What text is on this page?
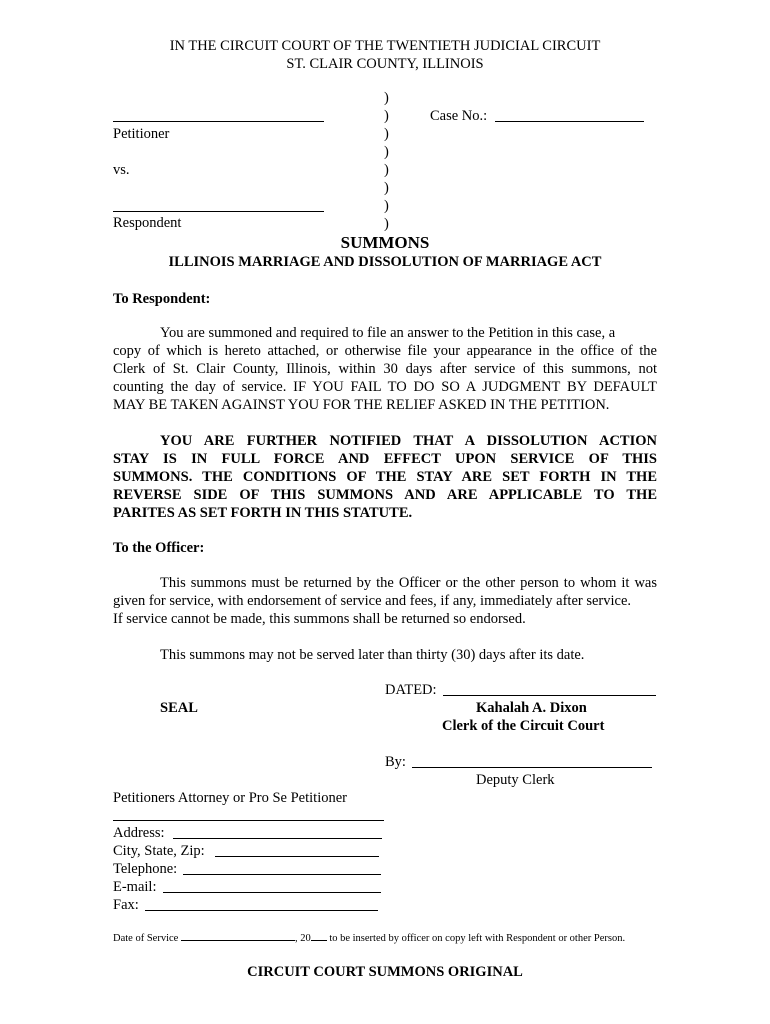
IN THE CIRCUIT COURT OF THE TWENTIETH JUDICIAL CIRCUIT
ST. CLAIR COUNTY, ILLINOIS
Petitioner
vs.
Respondent
)
)
)
)
)
)
)
)
Case No.:
SUMMONS
ILLINOIS MARRIAGE AND DISSOLUTION OF MARRIAGE ACT
To Respondent:
You are summoned and required to file an answer to the Petition in this case, a
copy of which is hereto attached, or otherwise file your appearance in the office of the
Clerk of St. Clair County, Illinois, within 30 days after service of this summons, not
counting the day of service. IF YOU FAIL TO DO SO A JUDGMENT BY DEFAULT
MAY BE TAKEN AGAINST YOU FOR THE RELIEF ASKED IN THE PETITION.
YOU ARE FURTHER NOTIFIED THAT A DISSOLUTION ACTION
STAY IS IN FULL FORCE AND EFFECT UPON SERVICE OF THIS
SUMMONS. THE CONDITIONS OF THE STAY ARE SET FORTH IN THE
REVERSE SIDE OF THIS SUMMONS AND ARE APPLICABLE TO THE
PARITES AS SET FORTH IN THIS STATUTE.
To the Officer:
This summons must be returned by the Officer or the other person to whom it was
given for service, with endorsement of service and fees, if any, immediately after service.
If service cannot be made, this summons shall be returned so endorsed.
This summons may not be served later than thirty (30) days after its date.
DATED:
SEAL	Kahalah A. Dixon
Clerk of the Circuit Court
By:
Deputy Clerk
Petitioners Attorney or Pro Se Petitioner
Address:
City, State, Zip:
Telephone:
E-mail:
Fax:
Date of Service	, 20 to be inserted by officer on copy left with Respondent or other Person.
CIRCUIT COURT SUMMONS ORIGINAL
